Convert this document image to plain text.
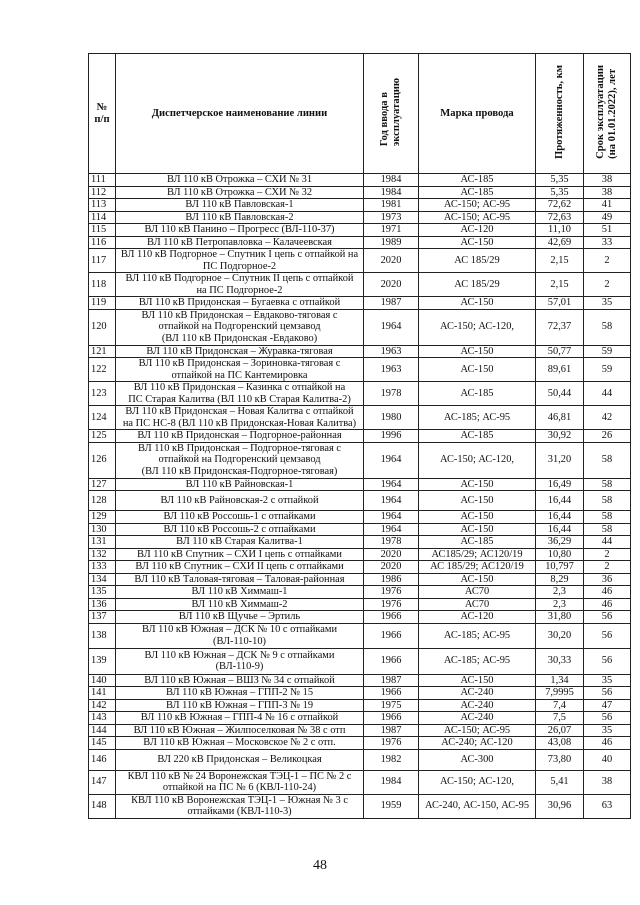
№
п/п	Диспетчерское наименование линии	Год ввода в
эксплуатацию	Марка провода	Протяженность, км	Срок эксплуатации
(на 01.01.2022), лет
111	ВЛ 110 кВ Отрожка – СХИ № 31	1984	АС-185	5,35	38
112	ВЛ 110 кВ Отрожка – СХИ № 32	1984	АС-185	5,35	38
113	ВЛ 110 кВ Павловская-1	1981	АС-150; АС-95	72,62	41
114	ВЛ 110 кВ Павловская-2	1973	АС-150; АС-95	72,63	49
115	ВЛ 110 кВ Панино – Прогресс (ВЛ-110-37)	1971	АС-120	11,10	51
116	ВЛ 110 кВ Петропавловка – Калачеевская	1989	АС-150	42,69	33
117	ВЛ 110 кВ Подгорное – Спутник I цепь с отпайкой на
ПС Подгорное-2	2020	АС 185/29	2,15	2
118	ВЛ 110 кВ Подгорное – Спутник II цепь с отпайкой
на ПС Подгорное-2	2020	АС 185/29	2,15	2
119	ВЛ 110 кВ Придонская – Бугаевка с отпайкой	1987	АС-150	57,01	35
120	ВЛ 110 кВ Придонская – Евдаково-тяговая с
отпайкой на Подгоренский цемзавод
(ВЛ 110 кВ Придонская -Евдаково)	1964	АС-150; АС-120,	72,37	58
121	ВЛ 110 кВ Придонская – Журавка-тяговая	1963	АС-150	50,77	59
122	ВЛ 110 кВ Придонская – Зориновка-тяговая с
отпайкой на ПС Кантемировка	1963	АС-150	89,61	59
123	ВЛ 110 кВ Придонская – Казинка с отпайкой на
ПС Старая Калитва (ВЛ 110 кВ Старая Калитва-2)	1978	АС-185	50,44	44
124	ВЛ 110 кВ Придонская – Новая Калитва с отпайкой
на ПС НС-8 (ВЛ 110 кВ Придонская-Новая Калитва)	1980	АС-185; АС-95	46,81	42
125	ВЛ 110 кВ Придонская – Подгорное-районная	1996	АС-185	30,92	26
126	ВЛ 110 кВ Придонская – Подгорное-тяговая с
отпайкой на Подгоренский цемзавод
(ВЛ 110 кВ Придонская-Подгорное-тяговая)	1964	АС-150; АС-120,	31,20	58
127	ВЛ 110 кВ Райновская-1	1964	АС-150	16,49	58
128	ВЛ 110 кВ Райновская-2 с отпайкой	1964	АС-150	16,44	58
129	ВЛ 110 кВ Россошь-1 с отпайками	1964	АС-150	16,44	58
130	ВЛ 110 кВ Россошь-2 с отпайками	1964	АС-150	16,44	58
131	ВЛ 110 кВ Старая Калитва-1	1978	АС-185	36,29	44
132	ВЛ 110 кВ Спутник – СХИ I цепь с отпайками	2020	АС185/29; АС120/19	10,80	2
133	ВЛ 110 кВ Спутник – СХИ II цепь с отпайками	2020	АС 185/29; АС120/19	10,797	2
134	ВЛ 110 кВ Таловая-тяговая – Таловая-районная	1986	АС-150	8,29	36
135	ВЛ 110 кВ Химмаш-1	1976	АС70	2,3	46
136	ВЛ 110 кВ Химмаш-2	1976	АС70	2,3	46
137	ВЛ 110 кВ Щучье – Эртиль	1966	АС-120	31,80	56
138	ВЛ 110 кВ Южная – ДСК № 10 с отпайками
(ВЛ-110-10)	1966	АС-185; АС-95	30,20	56
139	ВЛ 110 кВ Южная – ДСК № 9 с отпайками
(ВЛ-110-9)	1966	АС-185; АС-95	30,33	56
140	ВЛ 110 кВ Южная – ВШЗ № 34 с отпайкой	1987	АС-150	1,34	35
141	ВЛ 110 кВ Южная – ГПП-2 № 15	1966	АС-240	7,9995	56
142	ВЛ 110 кВ Южная – ГПП-3 № 19	1975	АС-240	7,4	47
143	ВЛ 110 кВ Южная – ГПП-4 № 16 с отпайкой	1966	АС-240	7,5	56
144	ВЛ 110 кВ Южная – Жилпоселковая № 38 с отп	1987	АС-150; АС-95	26,07	35
145	ВЛ 110 кВ Южная – Московское № 2 с отп.	1976	АС-240; АС-120	43,08	46
146	ВЛ 220 кВ Придонская – Великоцкая	1982	АС-300	73,80	40
147	КВЛ 110 кВ № 24 Воронежская ТЭЦ-1 – ПС № 2 с
отпайкой на ПС № 6 (КВЛ-110-24)	1984	АС-150; АС-120,	5,41	38
148	КВЛ 110 кВ Воронежская ТЭЦ-1 – Южная № 3 с
отпайками (КВЛ-110-3)	1959	АС-240, АС-150, АС-95	30,96	63
48
